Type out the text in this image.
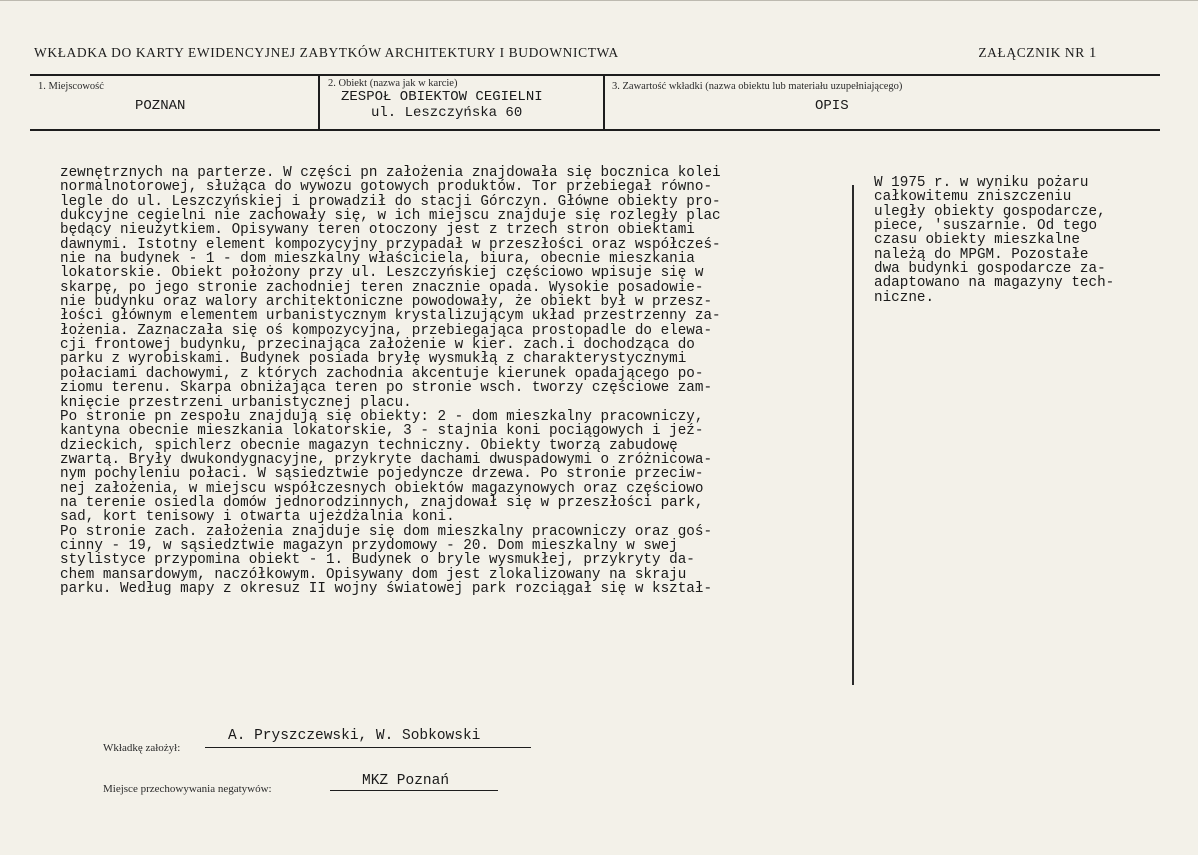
WKŁADKA DO KARTY EWIDENCYJNEJ ZABYTKÓW ARCHITEKTURY I BUDOWNICTWA	ZAŁĄCZNIK NR 1
1. Miejscowość
POZNAN
2. Obiekt (nazwa jak w karcie)
ZESPOŁ OBIEKTOW CEGIELNI
ul. Leszczyńska 60
3. Zawartość wkładki (nazwa obiektu lub materiału uzupełniającego)
OPIS
zewnętrznych na parterze. W części pn założenia znajdowała się bocznica kolei
normalnotorowej, służąca do wywozu gotowych produktów. Tor przebiegał równo-
legle do ul. Leszczyńskiej i prowadził do stacji Górczyn. Główne obiekty pro-
dukcyjne cegielni nie zachowały się, w ich miejscu znajduje się rozległy plac
będący nieużytkiem. Opisywany teren otoczony jest z trzech stron obiektami
dawnymi. Istotny element kompozycyjny przypadał w przeszłości oraz współcześ-
nie na budynek - 1 - dom mieszkalny właściciela, biura, obecnie mieszkania
lokatorskie. Obiekt położony przy ul. Leszczyńskiej częściowo wpisuje się w
skarpę, po jego stronie zachodniej teren znacznie opada. Wysokie posadowie-
nie budynku oraz walory architektoniczne powodowały, że obiekt był w przesz-
łości głównym elementem urbanistycznym krystalizującym układ przestrzenny za-
łożenia. Zaznaczała się oś kompozycyjna, przebiegająca prostopadle do elewa-
cji frontowej budynku, przecinająca założenie w kier. zach.i dochodząca do
parku z wyrobiskami. Budynek posiada bryłę wysmukłą z charakterystycznymi
połaciami dachowymi, z których zachodnia akcentuje kierunek opadającego po-
ziomu terenu. Skarpa obniżająca teren po stronie wsch. tworzy częściowe zam-
knięcie przestrzeni urbanistycznej placu.
Po stronie pn zespołu znajdują się obiekty: 2 - dom mieszkalny pracowniczy,
kantyna obecnie mieszkania lokatorskie, 3 - stajnia koni pociągowych i jeź-
dzieckich, spichlerz obecnie magazyn techniczny. Obiekty tworzą zabudowę
zwartą. Bryły dwukondygnacyjne, przykryte dachami dwuspadowymi o zróżnicowa-
nym pochyleniu połaci. W sąsiedztwie pojedyncze drzewa. Po stronie przeciw-
nej założenia, w miejscu współczesnych obiektów magazynowych oraz częściowo
na terenie osiedla domów jednorodzinnych, znajdował się w przeszłości park,
sad, kort tenisowy i otwarta ujeżdżalnia koni.
Po stronie zach. założenia znajduje się dom mieszkalny pracowniczy oraz goś-
cinny - 19, w sąsiedztwie magazyn przydomowy - 20. Dom mieszkalny w swej
stylistyce przypomina obiekt - 1. Budynek o bryle wysmukłej, przykryty da-
chem mansardowym, naczółkowym. Opisywany dom jest zlokalizowany na skraju
parku. Według mapy z okresuz II wojny światowej park rozciągał się w kształ-
W 1975 r. w wyniku pożaru
całkowitemu zniszczeniu
uległy obiekty gospodarcze,
piece, 'suszarnie. Od tego
czasu obiekty mieszkalne
należą do MPGM. Pozostałe
dwa budynki gospodarcze za-
adaptowano na magazyny tech-
niczne.
Wkładkę założył:
A. Pryszczewski, W. Sobkowski
Miejsce przechowywania negatywów:	MKZ Poznań
